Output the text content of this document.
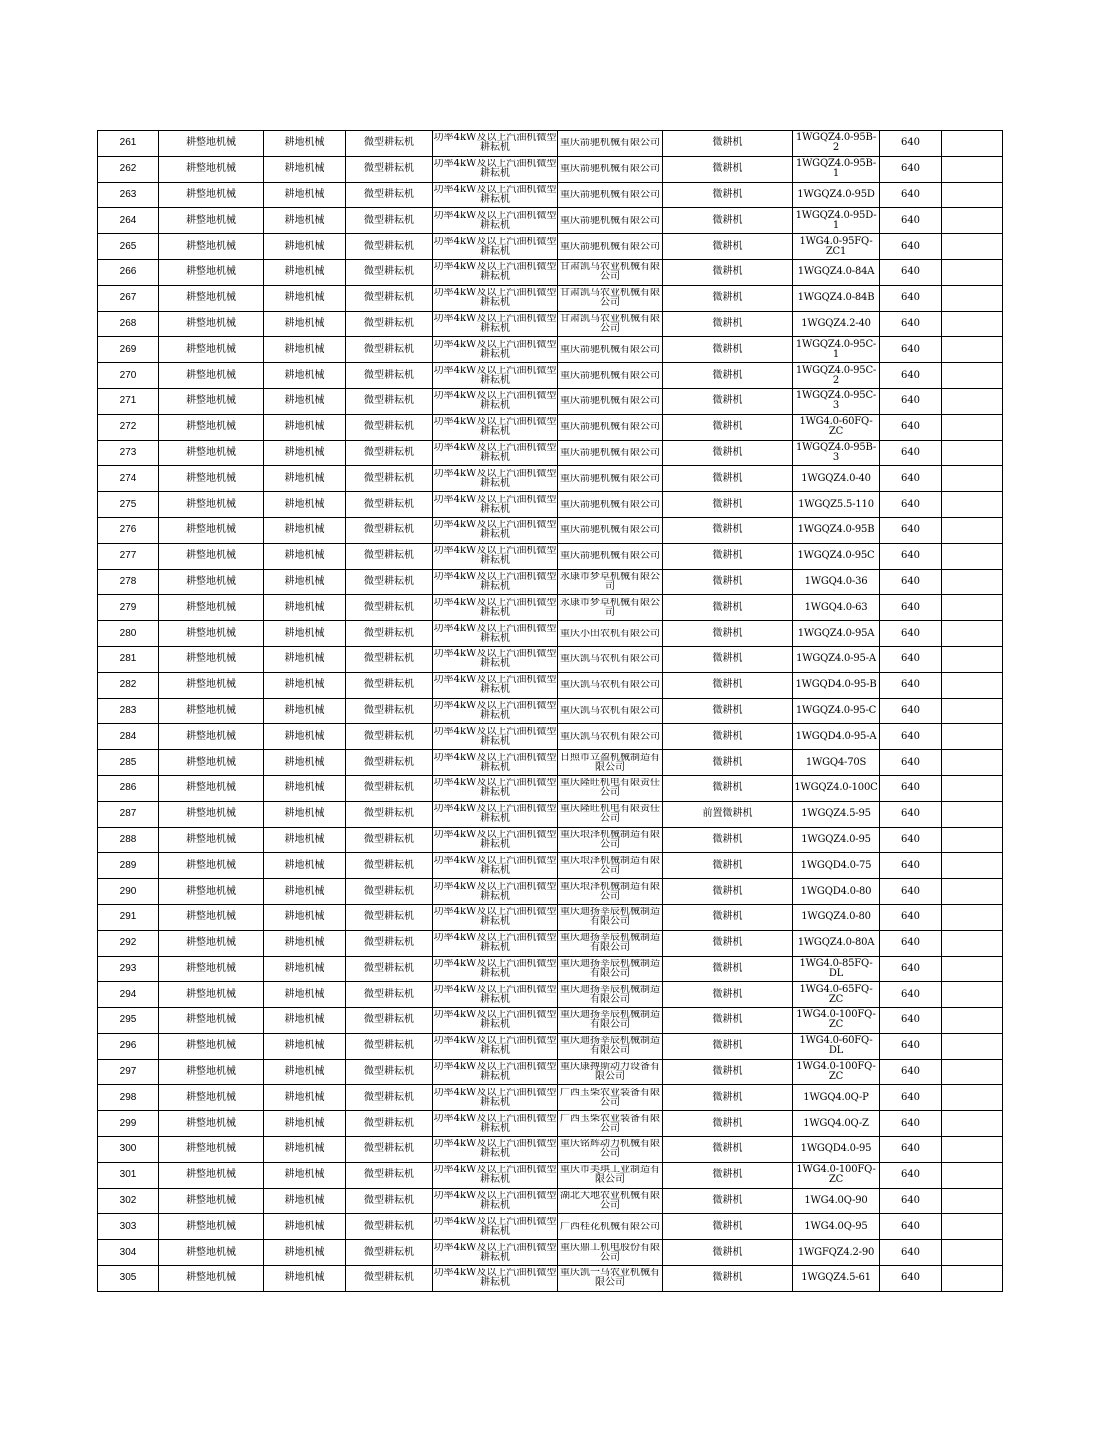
261	耕整地机械	耕地机械	微型耕耘机	功率4kW及以上汽油机微型耕耘机	重庆箭驰机械有限公司	微耕机	1WGQZ4.0-95B-2	640	
262	耕整地机械	耕地机械	微型耕耘机	功率4kW及以上汽油机微型耕耘机	重庆箭驰机械有限公司	微耕机	1WGQZ4.0-95B-1	640	
263	耕整地机械	耕地机械	微型耕耘机	功率4kW及以上汽油机微型耕耘机	重庆箭驰机械有限公司	微耕机	1WGQZ4.0-95D	640	
264	耕整地机械	耕地机械	微型耕耘机	功率4kW及以上汽油机微型耕耘机	重庆箭驰机械有限公司	微耕机	1WGQZ4.0-95D-1	640	
265	耕整地机械	耕地机械	微型耕耘机	功率4kW及以上汽油机微型耕耘机	重庆箭驰机械有限公司	微耕机	1WG4.0-95FQ-ZC1	640	
266	耕整地机械	耕地机械	微型耕耘机	功率4kW及以上汽油机微型耕耘机	甘肃凯马农业机械有限公司	微耕机	1WGQZ4.0-84A	640	
267	耕整地机械	耕地机械	微型耕耘机	功率4kW及以上汽油机微型耕耘机	甘肃凯马农业机械有限公司	微耕机	1WGQZ4.0-84B	640	
268	耕整地机械	耕地机械	微型耕耘机	功率4kW及以上汽油机微型耕耘机	甘肃凯马农业机械有限公司	微耕机	1WGQZ4.2-40	640	
269	耕整地机械	耕地机械	微型耕耘机	功率4kW及以上汽油机微型耕耘机	重庆箭驰机械有限公司	微耕机	1WGQZ4.0-95C-1	640	
270	耕整地机械	耕地机械	微型耕耘机	功率4kW及以上汽油机微型耕耘机	重庆箭驰机械有限公司	微耕机	1WGQZ4.0-95C-2	640	
271	耕整地机械	耕地机械	微型耕耘机	功率4kW及以上汽油机微型耕耘机	重庆箭驰机械有限公司	微耕机	1WGQZ4.0-95C-3	640	
272	耕整地机械	耕地机械	微型耕耘机	功率4kW及以上汽油机微型耕耘机	重庆箭驰机械有限公司	微耕机	1WG4.0-60FQ-ZC	640	
273	耕整地机械	耕地机械	微型耕耘机	功率4kW及以上汽油机微型耕耘机	重庆箭驰机械有限公司	微耕机	1WGQZ4.0-95B-3	640	
274	耕整地机械	耕地机械	微型耕耘机	功率4kW及以上汽油机微型耕耘机	重庆箭驰机械有限公司	微耕机	1WGQZ4.0-40	640	
275	耕整地机械	耕地机械	微型耕耘机	功率4kW及以上汽油机微型耕耘机	重庆箭驰机械有限公司	微耕机	1WGQZ5.5-110	640	
276	耕整地机械	耕地机械	微型耕耘机	功率4kW及以上汽油机微型耕耘机	重庆箭驰机械有限公司	微耕机	1WGQZ4.0-95B	640	
277	耕整地机械	耕地机械	微型耕耘机	功率4kW及以上汽油机微型耕耘机	重庆箭驰机械有限公司	微耕机	1WGQZ4.0-95C	640	
278	耕整地机械	耕地机械	微型耕耘机	功率4kW及以上汽油机微型耕耘机	永康市梦卓机械有限公司	微耕机	1WGQ4.0-36	640	
279	耕整地机械	耕地机械	微型耕耘机	功率4kW及以上汽油机微型耕耘机	永康市梦卓机械有限公司	微耕机	1WGQ4.0-63	640	
280	耕整地机械	耕地机械	微型耕耘机	功率4kW及以上汽油机微型耕耘机	重庆小田农机有限公司	微耕机	1WGQZ4.0-95A	640	
281	耕整地机械	耕地机械	微型耕耘机	功率4kW及以上汽油机微型耕耘机	重庆凯马农机有限公司	微耕机	1WGQZ4.0-95-A	640	
282	耕整地机械	耕地机械	微型耕耘机	功率4kW及以上汽油机微型耕耘机	重庆凯马农机有限公司	微耕机	1WGQD4.0-95-B	640	
283	耕整地机械	耕地机械	微型耕耘机	功率4kW及以上汽油机微型耕耘机	重庆凯马农机有限公司	微耕机	1WGQZ4.0-95-C	640	
284	耕整地机械	耕地机械	微型耕耘机	功率4kW及以上汽油机微型耕耘机	重庆凯马农机有限公司	微耕机	1WGQD4.0-95-A	640	
285	耕整地机械	耕地机械	微型耕耘机	功率4kW及以上汽油机微型耕耘机	日照市立盈机械制造有限公司	微耕机	1WGQ4-70S	640	
286	耕整地机械	耕地机械	微型耕耘机	功率4kW及以上汽油机微型耕耘机	重庆隆旺机电有限责任公司	微耕机	1WGQZ4.0-100C	640	
287	耕整地机械	耕地机械	微型耕耘机	功率4kW及以上汽油机微型耕耘机	重庆隆旺机电有限责任公司	前置微耕机	1WGQZ4.5-95	640	
288	耕整地机械	耕地机械	微型耕耘机	功率4kW及以上汽油机微型耕耘机	重庆垠泽机械制造有限公司	微耕机	1WGQZ4.0-95	640	
289	耕整地机械	耕地机械	微型耕耘机	功率4kW及以上汽油机微型耕耘机	重庆垠泽机械制造有限公司	微耕机	1WGQD4.0-75	640	
290	耕整地机械	耕地机械	微型耕耘机	功率4kW及以上汽油机微型耕耘机	重庆垠泽机械制造有限公司	微耕机	1WGQD4.0-80	640	
291	耕整地机械	耕地机械	微型耕耘机	功率4kW及以上汽油机微型耕耘机	重庆迪扬莘辰机械制造有限公司	微耕机	1WGQZ4.0-80	640	
292	耕整地机械	耕地机械	微型耕耘机	功率4kW及以上汽油机微型耕耘机	重庆迪扬莘辰机械制造有限公司	微耕机	1WGQZ4.0-80A	640	
293	耕整地机械	耕地机械	微型耕耘机	功率4kW及以上汽油机微型耕耘机	重庆迪扬莘辰机械制造有限公司	微耕机	1WG4.0-85FQ-DL	640	
294	耕整地机械	耕地机械	微型耕耘机	功率4kW及以上汽油机微型耕耘机	重庆迪扬莘辰机械制造有限公司	微耕机	1WG4.0-65FQ-ZC	640	
295	耕整地机械	耕地机械	微型耕耘机	功率4kW及以上汽油机微型耕耘机	重庆迪扬莘辰机械制造有限公司	微耕机	1WG4.0-100FQ-ZC	640	
296	耕整地机械	耕地机械	微型耕耘机	功率4kW及以上汽油机微型耕耘机	重庆迪扬莘辰机械制造有限公司	微耕机	1WG4.0-60FQ-DL	640	
297	耕整地机械	耕地机械	微型耕耘机	功率4kW及以上汽油机微型耕耘机	重庆康搏斯动力设备有限公司	微耕机	1WG4.0-100FQ-ZC	640	
298	耕整地机械	耕地机械	微型耕耘机	功率4kW及以上汽油机微型耕耘机	广西玉柴农业装备有限公司	微耕机	1WGQ4.0Q-P	640	
299	耕整地机械	耕地机械	微型耕耘机	功率4kW及以上汽油机微型耕耘机	广西玉柴农业装备有限公司	微耕机	1WGQ4.0Q-Z	640	
300	耕整地机械	耕地机械	微型耕耘机	功率4kW及以上汽油机微型耕耘机	重庆铭辉动力机械有限公司	微耕机	1WGQD4.0-95	640	
301	耕整地机械	耕地机械	微型耕耘机	功率4kW及以上汽油机微型耕耘机	重庆市美琪工业制造有限公司	微耕机	1WG4.0-100FQ-ZC	640	
302	耕整地机械	耕地机械	微型耕耘机	功率4kW及以上汽油机微型耕耘机	湖北大地农业机械有限公司	微耕机	1WG4.0Q-90	640	
303	耕整地机械	耕地机械	微型耕耘机	功率4kW及以上汽油机微型耕耘机	广西桂花机械有限公司	微耕机	1WG4.0Q-95	640	
304	耕整地机械	耕地机械	微型耕耘机	功率4kW及以上汽油机微型耕耘机	重庆鼎工机电股份有限公司	微耕机	1WGFQZ4.2-90	640	
305	耕整地机械	耕地机械	微型耕耘机	功率4kW及以上汽油机微型耕耘机	重庆凯一马农业机械有限公司	微耕机	1WGQZ4.5-61	640	
